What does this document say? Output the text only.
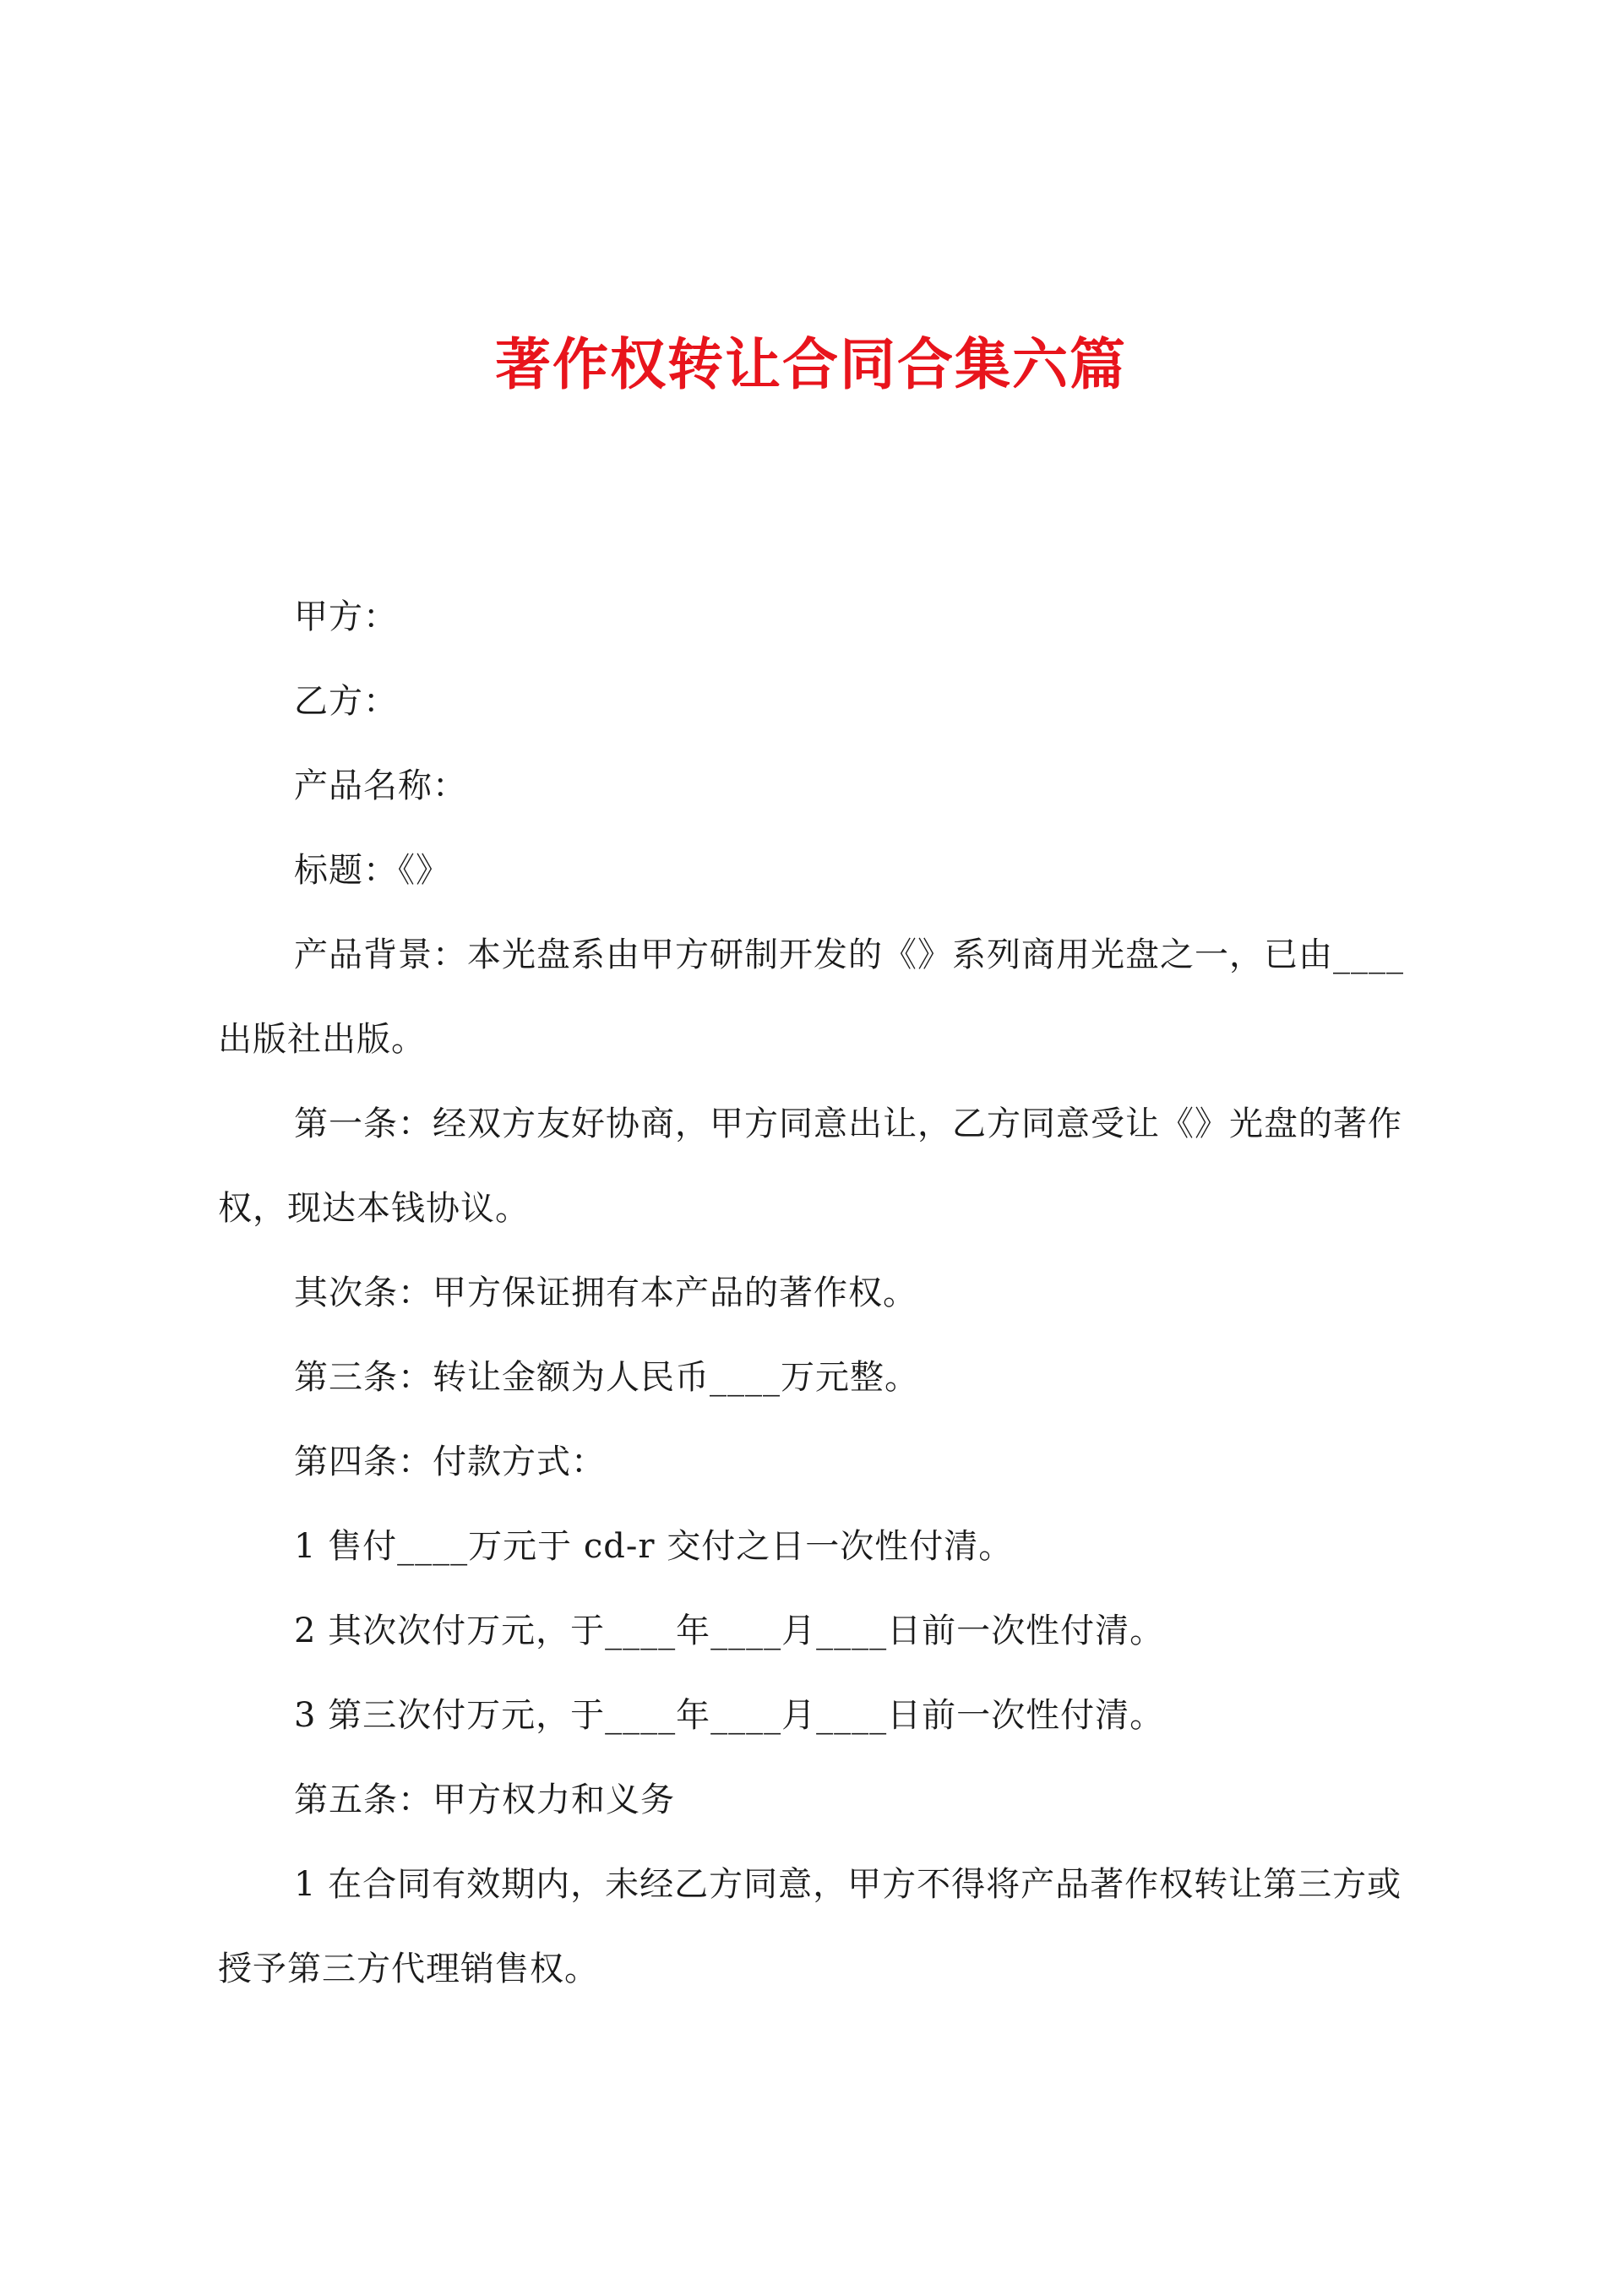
著作权转让合同合集六篇

甲方：

乙方：

产品名称：

标题：《》

产品背景：本光盘系由甲方研制开发的《》系列商用光盘之一，已由____出版社出版。

第一条：经双方友好协商，甲方同意出让，乙方同意受让《》光盘的著作权，现达本钱协议。

其次条：甲方保证拥有本产品的著作权。

第三条：转让金额为人民币____万元整。

第四条：付款方式：

1 售付____万元于 cd-r 交付之日一次性付清。

2 其次次付万元，于____年____月____日前一次性付清。

3 第三次付万元，于____年____月____日前一次性付清。

第五条：甲方权力和义务

1 在合同有效期内，未经乙方同意，甲方不得将产品著作权转让第三方或授予第三方代理销售权。
